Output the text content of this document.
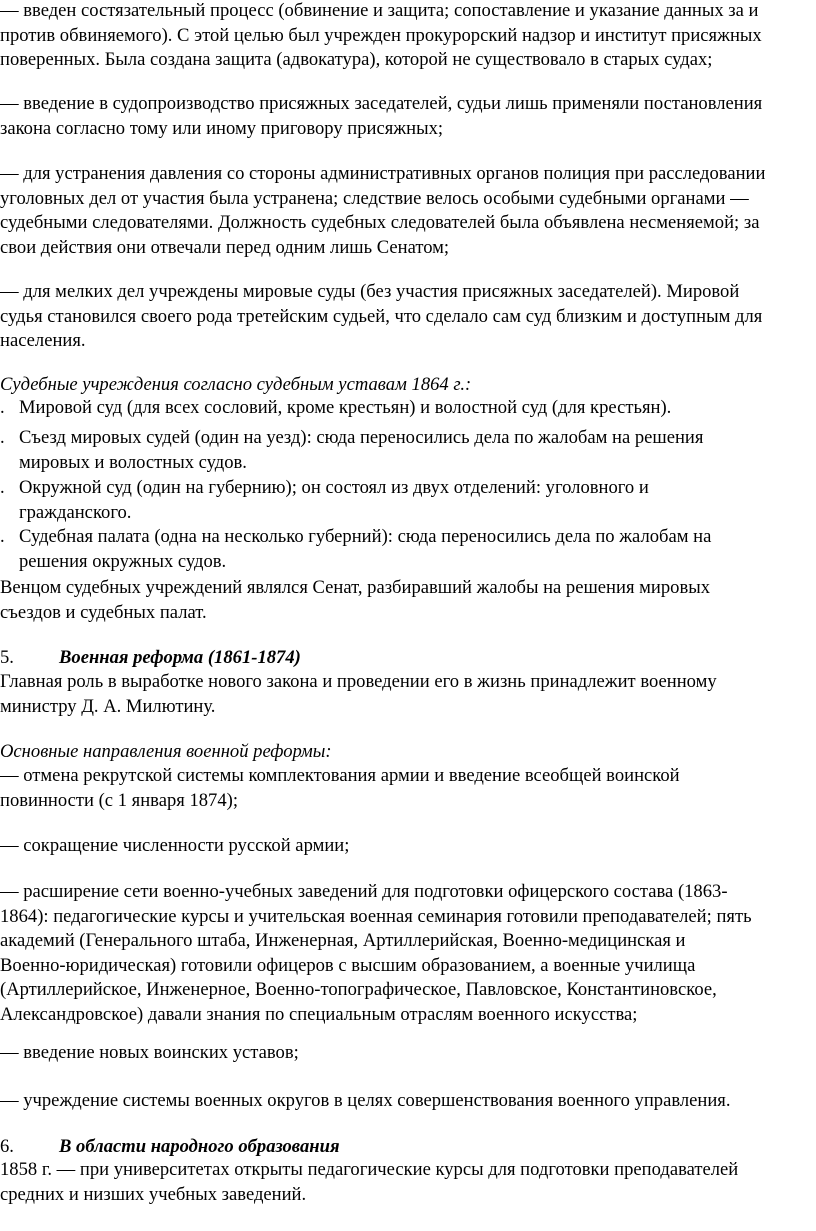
— введен состязательный процесс (обвинение и защита; сопоставление и указание данных за и
против обвиняемого). С этой целью был учрежден прокурорский надзор и институт присяжных
поверенных. Была создана защита (адвокатура), которой не существовало в старых судах;

— введение в судопроизводство присяжных заседателей, судьи лишь применяли постановления
закона согласно тому или иному приговору присяжных;

— для устранения давления со стороны административных органов полиция при расследовании
уголовных дел от участия была устранена; следствие велось особыми судебными органами —
судебными следователями. Должность судебных следователей была объявлена несменяемой; за
свои действия они отвечали перед одним лишь Сенатом;

— для мелких дел учреждены мировые суды (без участия присяжных заседателей). Мировой
судья становился своего рода третейским судьей, что сделало сам суд близким и доступным для
населения.

Судебные учреждения согласно судебным уставам 1864 г.:

. Мировой суд (для всех сословий, кроме крестьян) и волостной суд (для крестьян).
. Съезд мировых судей (один на уезд): сюда переносились дела по жалобам на решения
мировых и волостных судов.
. Окружной суд (один на губернию); он состоял из двух отделений: уголовного и
гражданского.
. Судебная палата (одна на несколько губерний): сюда переносились дела по жалобам на
решения окружных судов.

Венцом судебных учреждений являлся Сенат, разбиравший жалобы на решения мировых
съездов и судебных палат.

5. Военная реформа (1861-1874)

Главная роль в выработке нового закона и проведении его в жизнь принадлежит военному
министру Д. А. Милютину.

Основные направления военной реформы:

— отмена рекрутской системы комплектования армии и введение всеобщей воинской
повинности (с 1 января 1874);

— сокращение численности русской армии;

— расширение сети военно-учебных заведений для подготовки офицерского состава (1863-
1864): педагогические курсы и учительская военная семинария готовили преподавателей; пять
академий (Генерального штаба, Инженерная, Артиллерийская, Военно-медицинская и
Военно-юридическая) готовили офицеров с высшим образованием, а военные училища
(Артиллерийское, Инженерное, Военно-топографическое, Павловское, Константиновское,
Александровское) давали знания по специальным отраслям военного искусства;

— введение новых воинских уставов;

— учреждение системы военных округов в целях совершенствования военного управления.

6. В области народного образования

1858 г. — при университетах открыты педагогические курсы для подготовки преподавателей
средних и низших учебных заведений.
